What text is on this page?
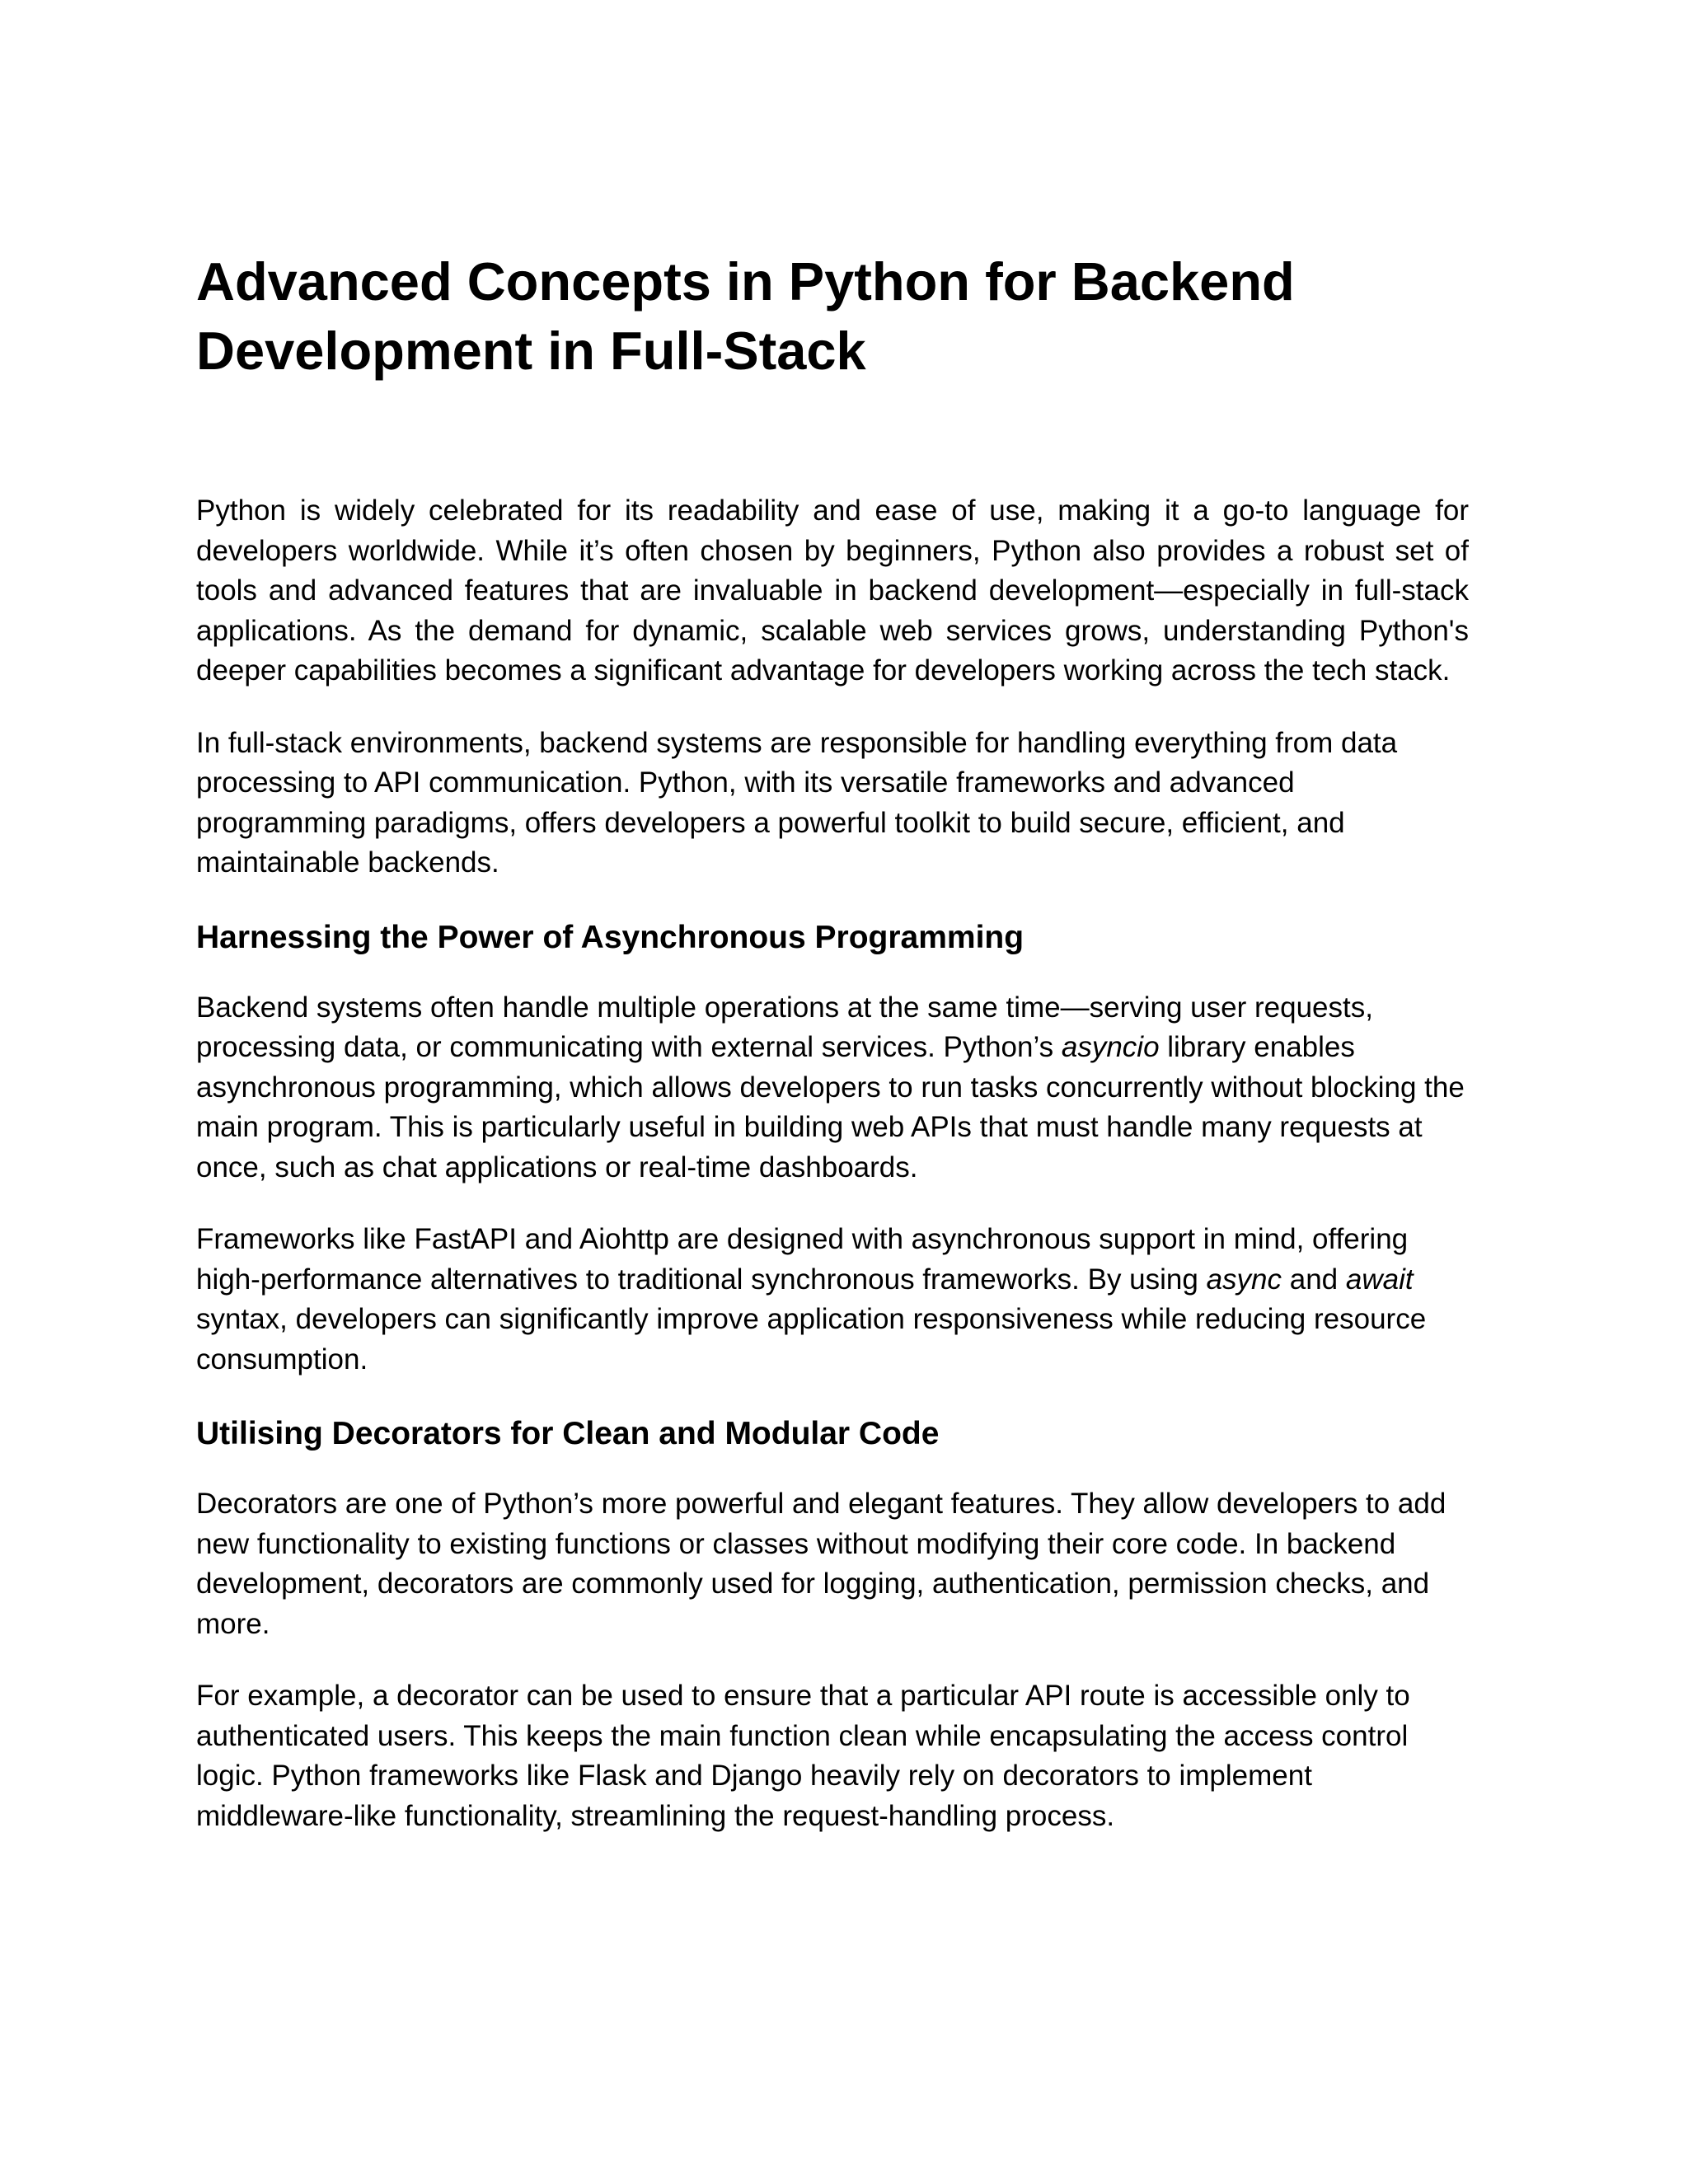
Advanced Concepts in Python for Backend Development in Full-Stack

Python is widely celebrated for its readability and ease of use, making it a go-to language for developers worldwide. While it’s often chosen by beginners, Python also provides a robust set of tools and advanced features that are invaluable in backend development—especially in full-stack applications. As the demand for dynamic, scalable web services grows, understanding Python's deeper capabilities becomes a significant advantage for developers working across the tech stack.

In full-stack environments, backend systems are responsible for handling everything from data processing to API communication. Python, with its versatile frameworks and advanced programming paradigms, offers developers a powerful toolkit to build secure, efficient, and maintainable backends.

Harnessing the Power of Asynchronous Programming

Backend systems often handle multiple operations at the same time—serving user requests, processing data, or communicating with external services. Python’s asyncio library enables asynchronous programming, which allows developers to run tasks concurrently without blocking the main program. This is particularly useful in building web APIs that must handle many requests at once, such as chat applications or real-time dashboards.

Frameworks like FastAPI and Aiohttp are designed with asynchronous support in mind, offering high-performance alternatives to traditional synchronous frameworks. By using async and await syntax, developers can significantly improve application responsiveness while reducing resource consumption.

Utilising Decorators for Clean and Modular Code

Decorators are one of Python’s more powerful and elegant features. They allow developers to add new functionality to existing functions or classes without modifying their core code. In backend development, decorators are commonly used for logging, authentication, permission checks, and more.

For example, a decorator can be used to ensure that a particular API route is accessible only to authenticated users. This keeps the main function clean while encapsulating the access control logic. Python frameworks like Flask and Django heavily rely on decorators to implement middleware-like functionality, streamlining the request-handling process.
